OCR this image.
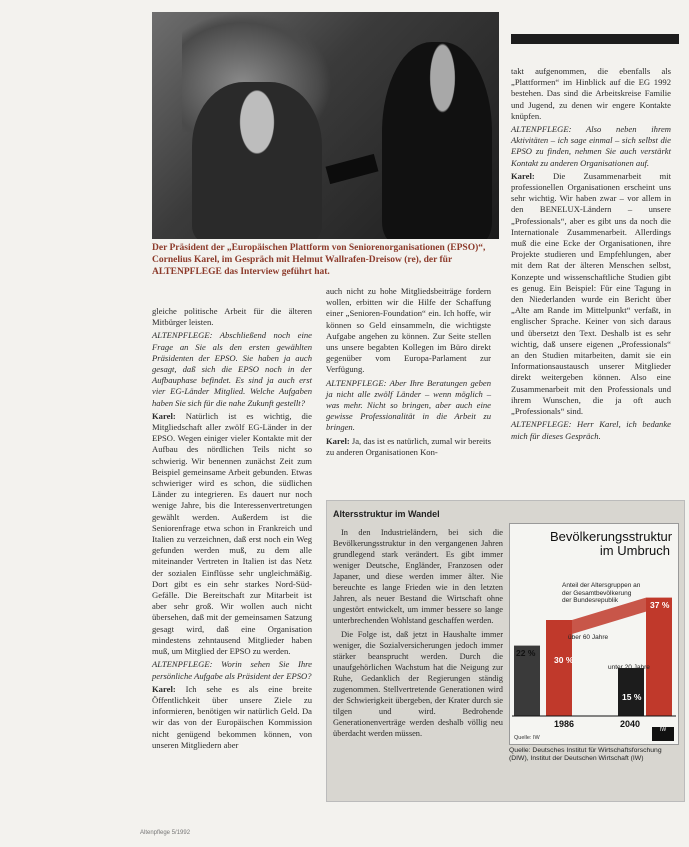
Der Präsident der „Europäischen Plattform von Seniorenorganisationen (EPSO)“, Cornelius Karel, im Gespräch mit Helmut Wallrafen-Dreisow (re), der für ALTENPFLEGE das Interview geführt hat.

gleiche politische Arbeit für die älteren Mitbürger leisten.

ALTENPFLEGE: Abschließend noch eine Frage an Sie als den ersten gewählten Präsidenten der EPSO. Sie haben ja auch gesagt, daß sich die EPSO noch in der Aufbauphase befindet. Es sind ja auch erst vier EG-Länder Mitglied. Welche Aufgaben haben Sie sich für die nahe Zukunft gestellt?

Karel: Natürlich ist es wichtig, die Mitgliedschaft aller zwölf EG-Länder in der EPSO. Wegen einiger vieler Kontakte mit der Aufbau des nördlichen Teils nicht so schwierig. Wir benennen zunächst Zeit zum Beispiel gemeinsame Arbeit gebunden. Etwas schwieriger wird es schon, die südlichen Länder zu integrieren. Es dauert nur noch wenige Jahre, bis die Interessenvertretungen gewählt werden. Außerdem ist die Seniorenfrage etwa schon in Frankreich und Italien zu verzeichnen, daß erst noch ein Weg gefunden werden muß, zu dem alle miteinander Vertreten in Italien ist das Netz der sozialen Einflüsse sehr ungleichmäßig. Dort gibt es ein sehr starkes Nord-Süd-Gefälle. Die Bereitschaft zur Mitarbeit ist aber sehr groß. Wir wollen auch nicht übersehen, daß mit der gemeinsamen Satzung gesagt wird, daß eine Organisation mindestens zehntausend Mitglieder haben muß, um Mitglied der EPSO zu werden.

ALTENPFLEGE: Worin sehen Sie Ihre persönliche Aufgabe als Präsident der EPSO?

Karel: Ich sehe es als eine breite Öffentlichkeit über unsere Ziele zu informieren, benötigen wir natürlich Geld. Da wir das von der Europäischen Kommission nicht genügend bekommen können, von unseren Mitgliedern aber

auch nicht zu hohe Mitgliedsbeiträge fordern wollen, erbitten wir die Hilfe der Schaffung einer „Senioren-Foundation“ ein. Ich hoffe, wir können so Geld einsammeln, die wichtigste Aufgabe angehen zu können. Zur Seite stellen uns unsere begabten Kollegen im Büro direkt gegenüber vom Europa-Parlament zur Verfügung.

ALTENPFLEGE: Aber Ihre Beratungen geben ja nicht alle zwölf Länder – wenn möglich – was mehr. Nicht so bringen, aber auch eine gewisse Professionalität in die Arbeit zu bringen.

Karel: Ja, das ist es natürlich, zumal wir bereits zu anderen Organisationen Kon-

takt aufgenommen, die ebenfalls als „Plattformen“ im Hinblick auf die EG 1992 bestehen. Das sind die Arbeitskreise Familie und Jugend, zu denen wir engere Kontakte knüpfen.

ALTENPFLEGE: Also neben ihrem Aktivitäten – ich sage einmal – sich selbst die EPSO zu finden, nehmen Sie auch verstärkt Kontakt zu anderen Organisationen auf.

Karel: Die Zusammenarbeit mit professionellen Organisationen erscheint uns sehr wichtig. Wir haben zwar – vor allem in den BENELUX-Ländern – unsere „Professionals“, aber es gibt uns da noch die Internationale Zusammenarbeit. Allerdings muß die eine Ecke der Organisationen, ihre Projekte studieren und Empfehlungen, aber mit dem Rat der älteren Menschen selbst, Konzepte und wissenschaftliche Studien gibt es genug. Ein Beispiel: Für eine Tagung in den Niederlanden wurde ein Bericht über „Alte am Rande im Mittelpunkt“ verfaßt, in englischer Sprache. Keiner von sich daraus und übersetzt den Text. Deshalb ist es sehr wichtig, daß unsere eigenen „Professionals“ an den Studien mitarbeiten, damit sie ein Informationsaustausch unserer Mitglieder direkt weitergeben können. Also eine Zusammenarbeit mit den Professionals und ihrem Wunschen, die ja oft auch „Professionals“ sind.

ALTENPFLEGE: Herr Karel, ich bedanke mich für dieses Gespräch.

Altersstruktur im Wandel

In den Industrieländern, bei sich die Bevölkerungsstruktur in den vergangenen Jahren grundlegend stark verändert. Es gibt immer weniger Deutsche, Engländer, Franzosen oder Japaner, und diese werden immer älter. Nie bereuchte es lange Frieden wie in den letzten Jahren, als neuer Bestand die Wirtschaft ohne ungestört entwickelt, um immer bessere so lange unterbrechenden Wohlstand geschaffen werden.

Die Folge ist, daß jetzt in Haushalte immer weniger, die Sozialversicherungen jedoch immer stärker beansprucht werden. Durch die unaufgehörlichen Wachstum hat die Neigung zur Ruhe, Gedanklich der Regierungen ständig zugenommen. Stellvertretende Generationen wird der Schwierigkeit übergeben, der Krater durch sie tilgen und wird. Bedrohende Generationenverträge werden deshalb völlig neu überdacht werden müssen.

Bevölkerungsstruktur im Umbruch
Anteil der Altersgruppen an der Gesamtbevölkerung der Bundesrepublik
über 60 Jahre
unter 20 Jahre
1986	2040
22 %
30 %
15 %
37 %
Quelle: IW
IW
Quelle: Deutsches Institut für Wirtschaftsforschung (DIW), Institut der Deutschen Wirtschaft (IW)
Altenpflege 5/1992
